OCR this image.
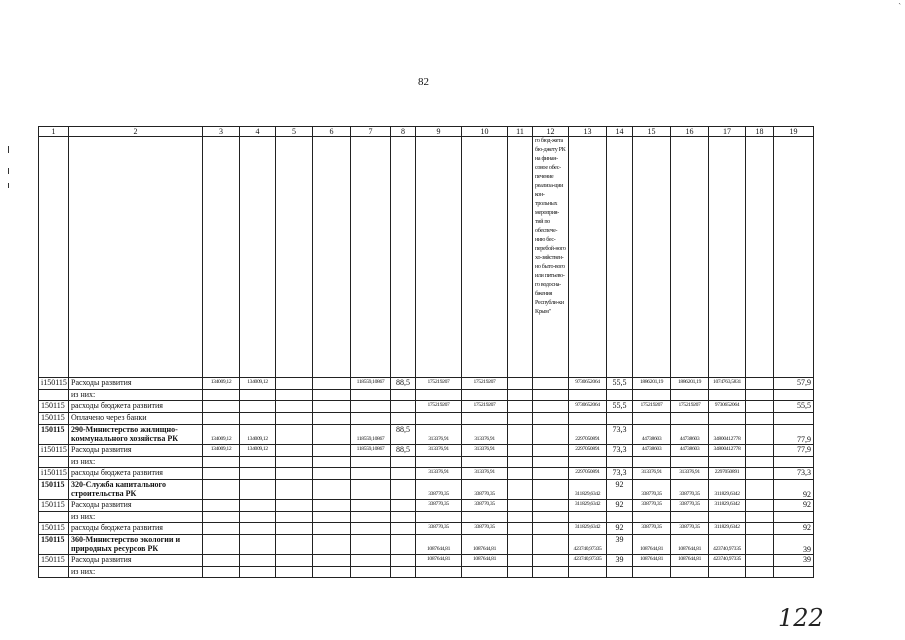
`
82
1	2	3	4	5	6	7	8	9	10	11	12	13	14	15	16	17	18	19
											го бюд-жета бю-джету РК на финан-совое обес-печение реализа-ции кон-трольных мероприя-тий по обеспече-нию бес-перебой-ного хо-зяйствен-но быто-вого или питьево-го водосна-бжения Республи-ки Крым"							
i150115	Расходы развития	134009,12	134009,12			118559,10867	88,5	175219207	175219207			9730652064	55,5	1886201,19	1886201,19	1074763,5831		57,9
	из них:																	
150115	расходы бюджета развития							175219207	175219207			9730652064	55,5	175219207	175219207	9730652064		55,5
150115	Оплачено через банки																	
150115	290-Министерство жилищно-коммунального хозяйства РК	134009,12	134009,12			118559,10867	88,5	313376,91	313376,91			2297050891	73,3	44738603	44738603	34800412778		77,9
i150115	Расходы развития	134009,12	134009,12			118559,10867	88,5	313376,91	313376,91			2297050891	73,3	44738603	44738603	34800412778		77,9
	из них:																	
i150115	расходы бюджета развития							313376,91	313376,91			2297050891	73,3	313376,91	313376,91	2297050891		73,3
150115	320-Служба капитального строительства РК							338770,35	338770,35			311829,6342	92	338770,35	338770,35	311829,6342		92
150115	Расходы развития							338770,35	338770,35			311829,6342	92	338770,35	338770,35	311829,6342		92
	из них:																	
150115	расходы бюджета развития							338770,35	338770,35			311829,6342	92	338770,35	338770,35	311829,6342		92
150115	360-Министерство экологии и природных ресурсов РК							1087644,81	1087644,81			423740,97335	39	1087644,81	1087644,81	423740,97335		39
150115	Расходы развития							1087644,81	1087644,81			423740,97335	39	1087644,81	1087644,81	423740,97335		39
	из них:																	
122
